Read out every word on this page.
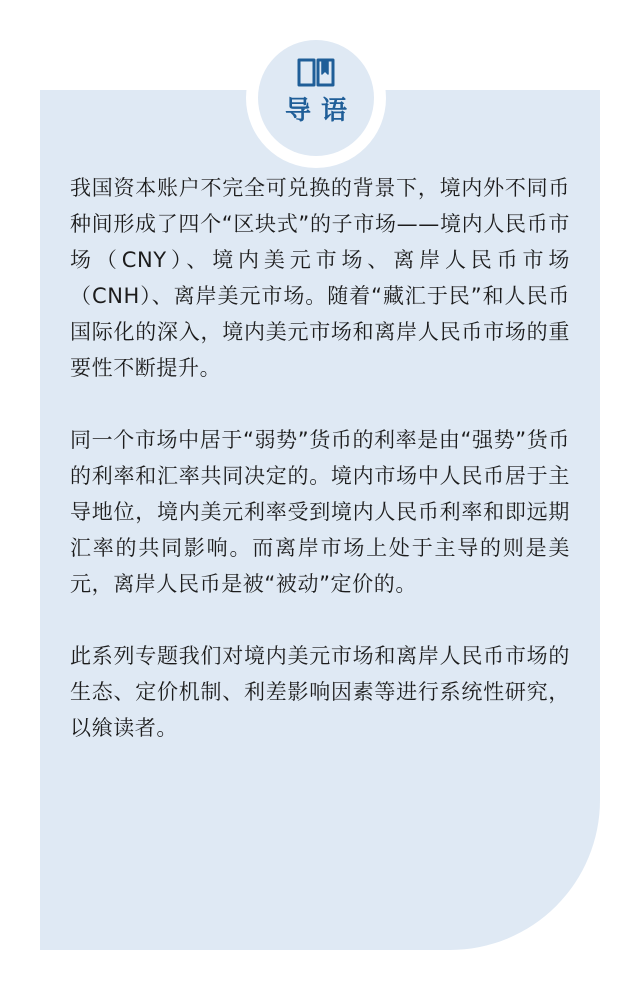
导语

我国资本账户不完全可兑换的背景下，境内外不同币种间形成了四个“区块式”的子市场——境内人民币市场（CNY）、境内美元市场、离岸人民币市场（CNH）、离岸美元市场。随着“藏汇于民”和人民币国际化的深入，境内美元市场和离岸人民币市场的重要性不断提升。

同一个市场中居于“弱势”货币的利率是由“强势”货币的利率和汇率共同决定的。境内市场中人民币居于主导地位，境内美元利率受到境内人民币利率和即远期汇率的共同影响。而离岸市场上处于主导的则是美元，离岸人民币是被“被动”定价的。

此系列专题我们对境内美元市场和离岸人民币市场的生态、定价机制、利差影响因素等进行系统性研究，以飨读者。
